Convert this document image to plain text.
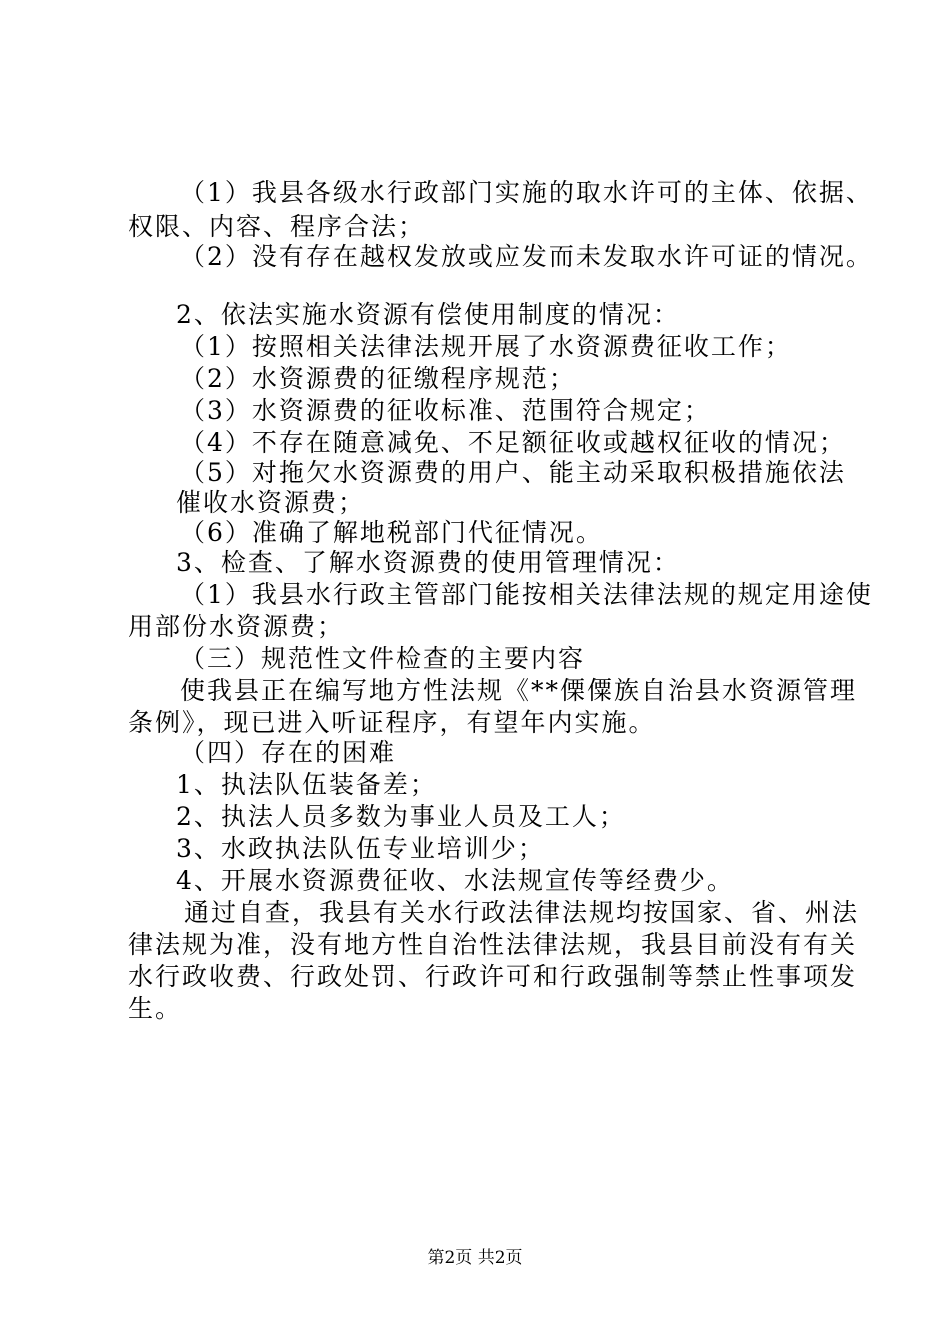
（1）我县各级水行政部门实施的取水许可的主体、依据、
权限、内容、程序合法；
（2）没有存在越权发放或应发而未发取水许可证的情况。
2、依法实施水资源有偿使用制度的情况：
（1）按照相关法律法规开展了水资源费征收工作；
（2）水资源费的征缴程序规范；
（3）水资源费的征收标准、范围符合规定；
（4）不存在随意减免、不足额征收或越权征收的情况；
（5）对拖欠水资源费的用户、能主动采取积极措施依法
催收水资源费；
（6）准确了解地税部门代征情况。
3、检查、了解水资源费的使用管理情况：
（1）我县水行政主管部门能按相关法律法规的规定用途使
用部份水资源费；
（三）规范性文件检查的主要内容
使我县正在编写地方性法规《**傈僳族自治县水资源管理
条例》，现已进入听证程序，有望年内实施。
（四）存在的困难
1、执法队伍装备差；
2、执法人员多数为事业人员及工人；
3、水政执法队伍专业培训少；
4、开展水资源费征收、水法规宣传等经费少。
通过自查，我县有关水行政法律法规均按国家、省、州法
律法规为准，没有地方性自治性法律法规，我县目前没有有关
水行政收费、行政处罚、行政许可和行政强制等禁止性事项发
生。
第2页 共2页
